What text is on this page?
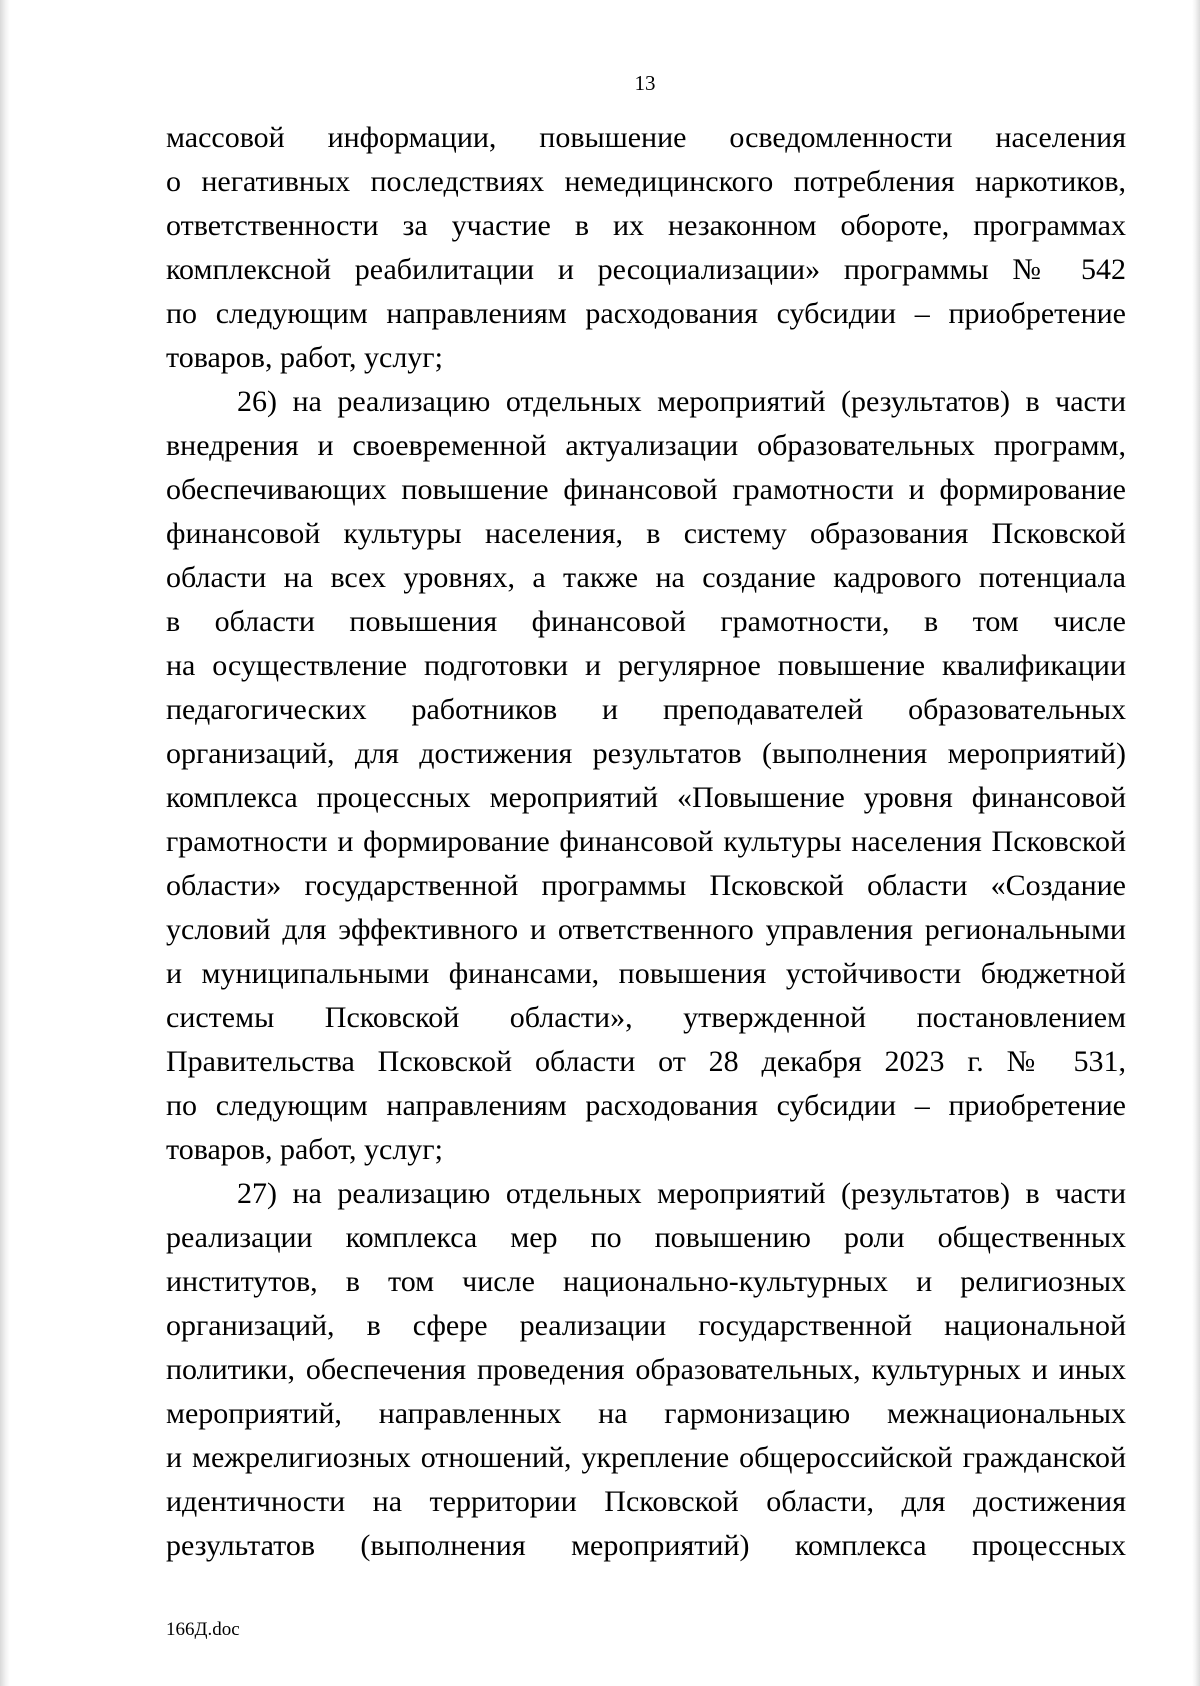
13
массовой информации, повышение осведомленности населения
о негативных последствиях немедицинского потребления наркотиков,
ответственности за участие в их незаконном обороте, программах
комплексной реабилитации и ресоциализации» программы № 542
по следующим направлениям расходования субсидии – приобретение
товаров, работ, услуг;
26) на реализацию отдельных мероприятий (результатов) в части
внедрения и своевременной актуализации образовательных программ,
обеспечивающих повышение финансовой грамотности и формирование
финансовой культуры населения, в систему образования Псковской
области на всех уровнях, а также на создание кадрового потенциала
в области повышения финансовой грамотности, в том числе
на осуществление подготовки и регулярное повышение квалификации
педагогических работников и преподавателей образовательных
организаций, для достижения результатов (выполнения мероприятий)
комплекса процессных мероприятий «Повышение уровня финансовой
грамотности и формирование финансовой культуры населения Псковской
области» государственной программы Псковской области «Создание
условий для эффективного и ответственного управления региональными
и муниципальными финансами, повышения устойчивости бюджетной
системы Псковской области», утвержденной постановлением
Правительства Псковской области от 28 декабря 2023 г. № 531,
по следующим направлениям расходования субсидии – приобретение
товаров, работ, услуг;
27) на реализацию отдельных мероприятий (результатов) в части
реализации комплекса мер по повышению роли общественных
институтов, в том числе национально-культурных и религиозных
организаций, в сфере реализации государственной национальной
политики, обеспечения проведения образовательных, культурных и иных
мероприятий, направленных на гармонизацию межнациональных
и межрелигиозных отношений, укрепление общероссийской гражданской
идентичности на территории Псковской области, для достижения
результатов (выполнения мероприятий) комплекса процессных
166Д.doc
